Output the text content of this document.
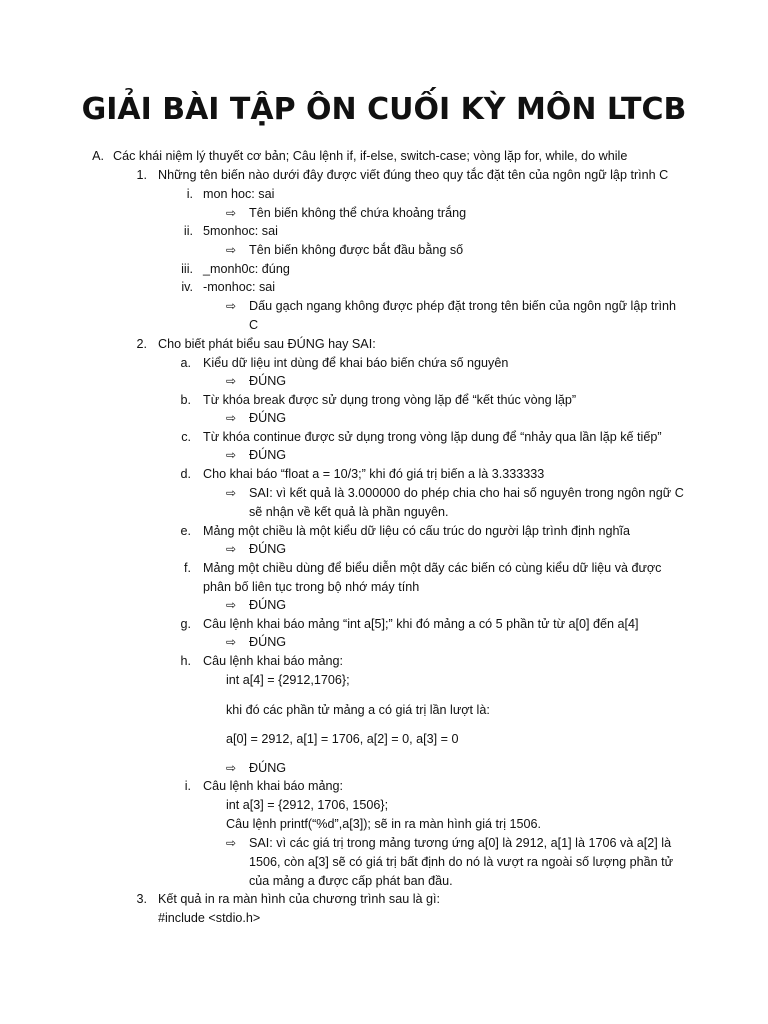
GIẢI BÀI TẬP ÔN CUỐI KỲ MÔN LTCB
A. Các khái niệm lý thuyết cơ bản; Câu lệnh if, if-else, switch-case; vòng lặp for, while, do while
1. Những tên biến nào dưới đây được viết đúng theo quy tắc đặt tên của ngôn ngữ lập trình C
i. mon hoc: sai
⇨ Tên biến không thể chứa khoảng trắng
ii. 5monhoc: sai
⇨ Tên biến không được bắt đầu bằng số
iii. _monh0c: đúng
iv. -monhoc: sai
⇨ Dấu gạch ngang không được phép đặt trong tên biến của ngôn ngữ lập trình
C
2. Cho biết phát biểu sau ĐÚNG hay SAI:
a. Kiểu dữ liệu int dùng để khai báo biến chứa số nguyên
⇨ ĐÚNG
b. Từ khóa break được sử dụng trong vòng lặp để “kết thúc vòng lặp”
⇨ ĐÚNG
c. Từ khóa continue được sử dụng trong vòng lặp dung để “nhảy qua lần lặp kế tiếp”
⇨ ĐÚNG
d. Cho khai báo “float a = 10/3;” khi đó giá trị biến a là 3.333333
⇨ SAI: vì kết quả là 3.000000 do phép chia cho hai số nguyên trong ngôn ngữ C
sẽ nhận về kết quả là phần nguyên.
e. Mảng một chiều là một kiểu dữ liệu có cấu trúc do người lập trình định nghĩa
⇨ ĐÚNG
f. Mảng một chiều dùng để biểu diễn một dãy các biến có cùng kiểu dữ liệu và được
phân bố liên tục trong bộ nhớ máy tính
⇨ ĐÚNG
g. Câu lệnh khai báo mảng “int a[5];” khi đó mảng a có 5 phần tử từ a[0] đến a[4]
⇨ ĐÚNG
h. Câu lệnh khai báo mảng:
int a[4] = {2912,1706};
khi đó các phần tử mảng a có giá trị lần lượt là:
a[0] = 2912, a[1] = 1706, a[2] = 0, a[3] = 0
⇨ ĐÚNG
i. Câu lệnh khai báo mảng:
int a[3] = {2912, 1706, 1506};
Câu lệnh printf(“%d”,a[3]); sẽ in ra màn hình giá trị 1506.
⇨ SAI: vì các giá trị trong mảng tương ứng a[0] là 2912, a[1] là 1706 và a[2] là
1506, còn a[3] sẽ có giá trị bất định do nó là vượt ra ngoài số lượng phần tử
của mảng a được cấp phát ban đầu.
3. Kết quả in ra màn hình của chương trình sau là gì:
#include <stdio.h>
